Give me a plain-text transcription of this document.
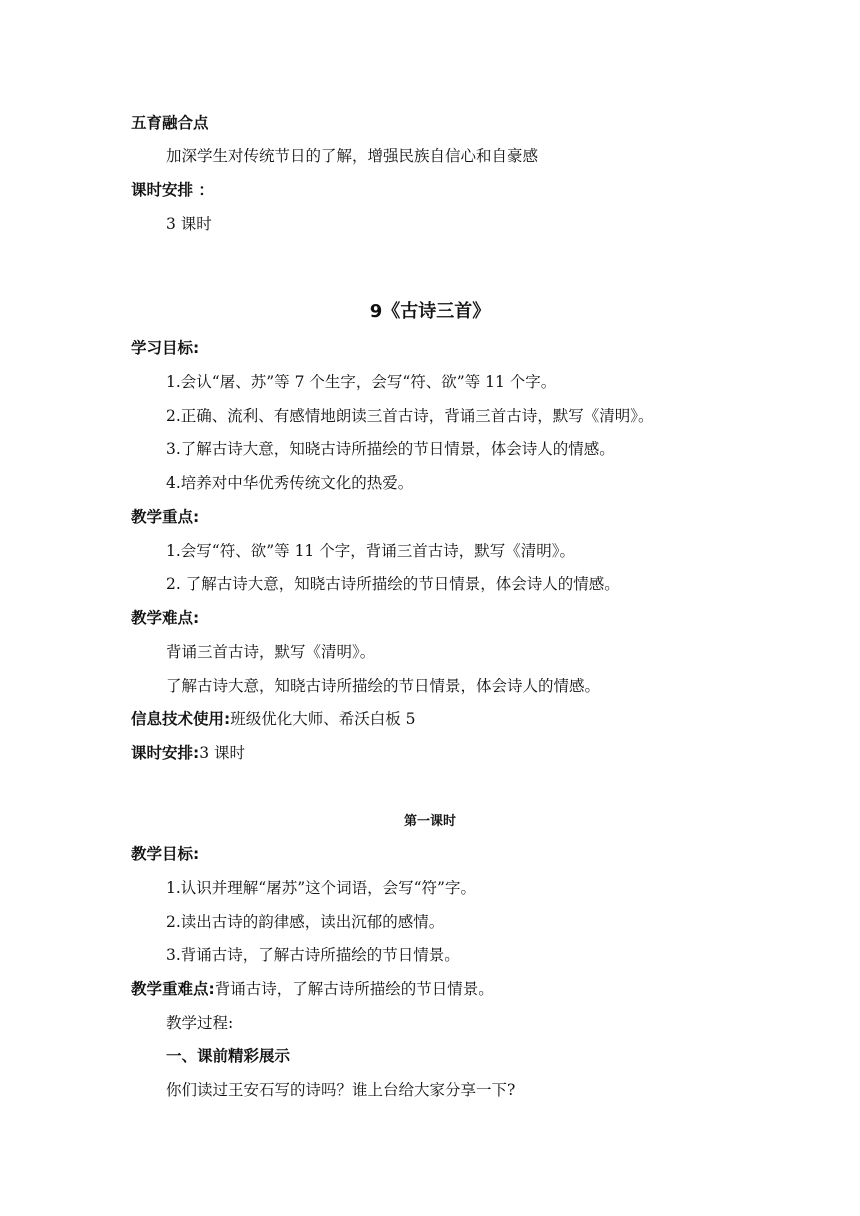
五育融合点
加深学生对传统节日的了解，增强民族自信心和自豪感
课时安排 ：
3 课时
9《古诗三首》
学习目标:
1.会认“屠、苏”等 7 个生字，会写“符、欲”等 11 个字。
2.正确、流利、有感情地朗读三首古诗，背诵三首古诗，默写《清明》。
3.了解古诗大意，知晓古诗所描绘的节日情景，体会诗人的情感。
4.培养对中华优秀传统文化的热爱。
教学重点:
1.会写“符、欲”等 11 个字，背诵三首古诗，默写《清明》。
2. 了解古诗大意，知晓古诗所描绘的节日情景，体会诗人的情感。
教学难点:
背诵三首古诗，默写《清明》。
了解古诗大意，知晓古诗所描绘的节日情景，体会诗人的情感。
信息技术使用:班级优化大师、希沃白板 5
课时安排:3 课时
第一课时
教学目标:
1.认识并理解“屠苏”这个词语，会写“符”字。
2.读出古诗的韵律感，读出沉郁的感情。
3.背诵古诗，了解古诗所描绘的节日情景。
教学重难点:背诵古诗，了解古诗所描绘的节日情景。
教学过程:
一、课前精彩展示
你们读过王安石写的诗吗？谁上台给大家分享一下?
